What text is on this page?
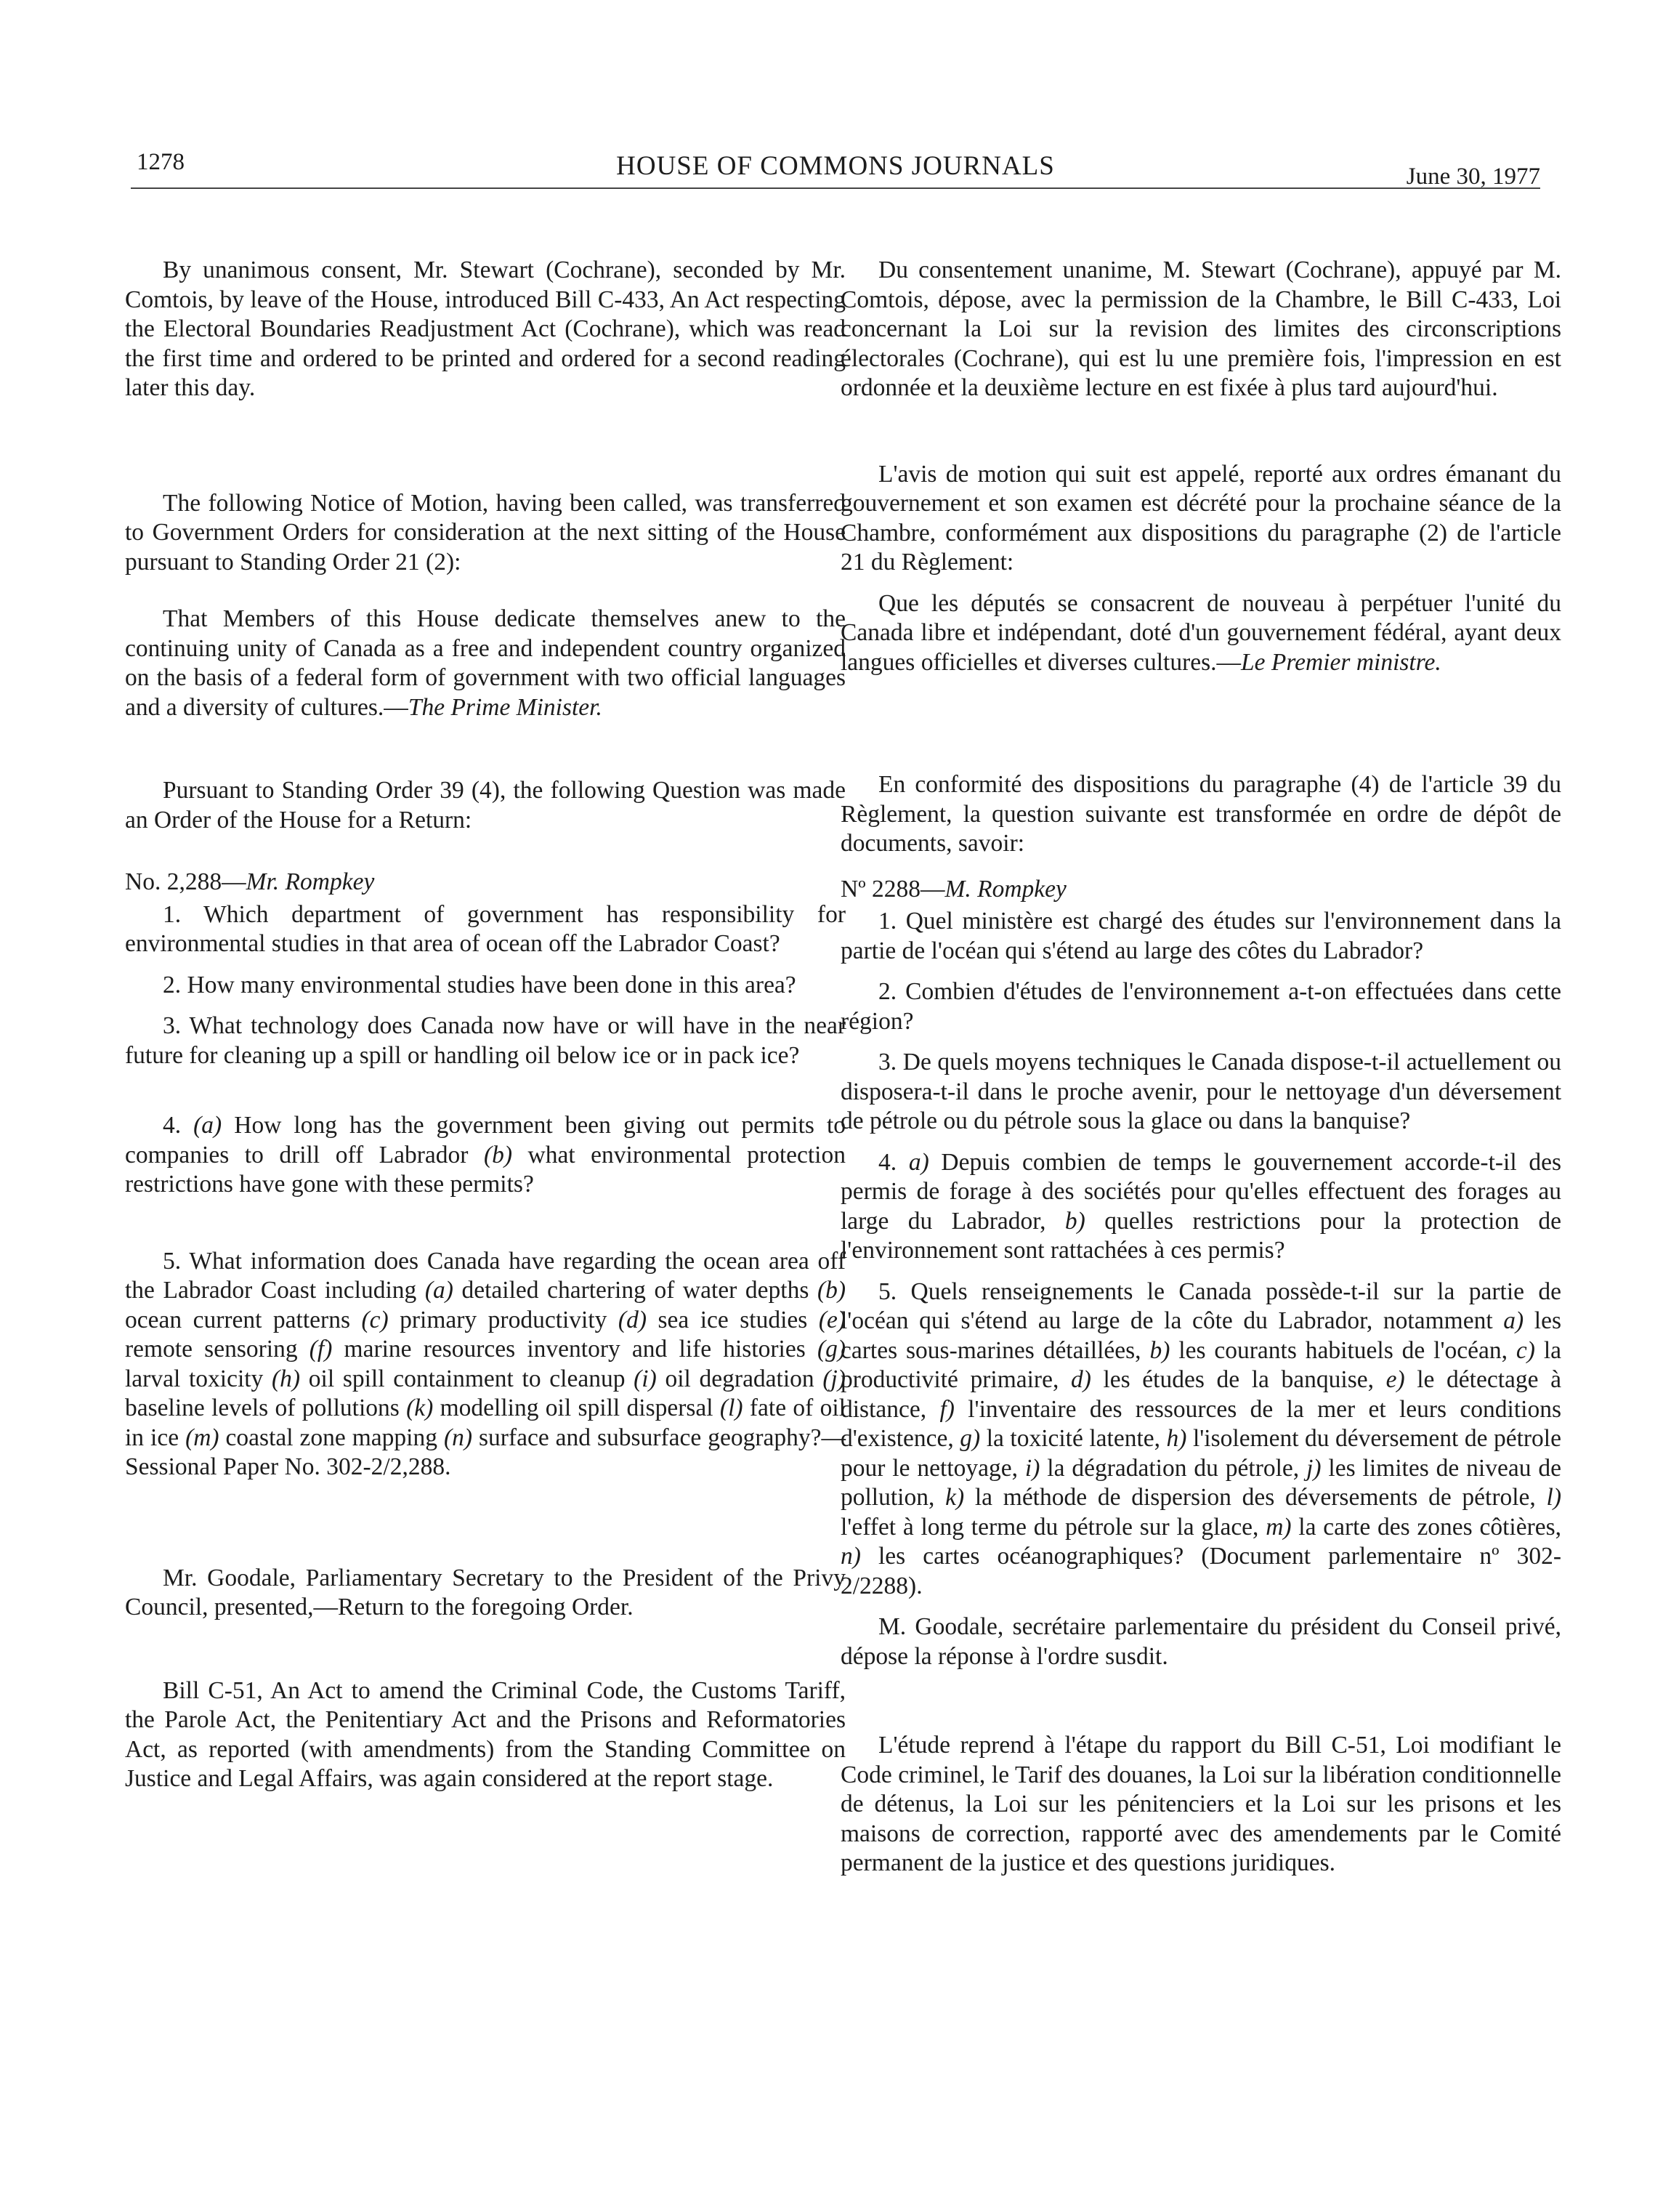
1278	HOUSE OF COMMONS JOURNALS	June 30, 1977

By unanimous consent, Mr. Stewart (Cochrane), seconded by Mr. Comtois, by leave of the House, introduced Bill C-433, An Act respecting the Electoral Boundaries Readjustment Act (Cochrane), which was read the first time and ordered to be printed and ordered for a second reading later this day.

The following Notice of Motion, having been called, was transferred to Government Orders for consideration at the next sitting of the House pursuant to Standing Order 21 (2):

That Members of this House dedicate themselves anew to the continuing unity of Canada as a free and independent country organized on the basis of a federal form of government with two official languages and a diversity of cultures.—The Prime Minister.

Pursuant to Standing Order 39 (4), the following Question was made an Order of the House for a Return:

No. 2,288—Mr. Rompkey

1. Which department of government has responsibility for environmental studies in that area of ocean off the Labrador Coast?

2. How many environmental studies have been done in this area?

3. What technology does Canada now have or will have in the near future for cleaning up a spill or handling oil below ice or in pack ice?

4. (a) How long has the government been giving out permits to companies to drill off Labrador (b) what environmental protection restrictions have gone with these permits?

5. What information does Canada have regarding the ocean area off the Labrador Coast including (a) detailed chartering of water depths (b) ocean current patterns (c) primary productivity (d) sea ice studies (e) remote sensoring (f) marine resources inventory and life histories (g) larval toxicity (h) oil spill containment to cleanup (i) oil degradation (j) baseline levels of pollutions (k) modelling oil spill dispersal (l) fate of oil in ice (m) coastal zone mapping (n) surface and subsurface geography?—Sessional Paper No. 302-2/2,288.

Mr. Goodale, Parliamentary Secretary to the President of the Privy Council, presented,—Return to the foregoing Order.

Bill C-51, An Act to amend the Criminal Code, the Customs Tariff, the Parole Act, the Penitentiary Act and the Prisons and Reformatories Act, as reported (with amendments) from the Standing Committee on Justice and Legal Affairs, was again considered at the report stage.

Du consentement unanime, M. Stewart (Cochrane), appuyé par M. Comtois, dépose, avec la permission de la Chambre, le Bill C-433, Loi concernant la Loi sur la revision des limites des circonscriptions électorales (Cochrane), qui est lu une première fois, l'impression en est ordonnée et la deuxième lecture en est fixée à plus tard aujourd'hui.

L'avis de motion qui suit est appelé, reporté aux ordres émanant du gouvernement et son examen est décrété pour la prochaine séance de la Chambre, conformément aux dispositions du paragraphe (2) de l'article 21 du Règlement:

Que les députés se consacrent de nouveau à perpétuer l'unité du Canada libre et indépendant, doté d'un gouvernement fédéral, ayant deux langues officielles et diverses cultures.—Le Premier ministre.

En conformité des dispositions du paragraphe (4) de l'article 39 du Règlement, la question suivante est transformée en ordre de dépôt de documents, savoir:

Nº 2288—M. Rompkey

1. Quel ministère est chargé des études sur l'environnement dans la partie de l'océan qui s'étend au large des côtes du Labrador?

2. Combien d'études de l'environnement a-t-on effectuées dans cette région?

3. De quels moyens techniques le Canada dispose-t-il actuellement ou disposera-t-il dans le proche avenir, pour le nettoyage d'un déversement de pétrole ou du pétrole sous la glace ou dans la banquise?

4. a) Depuis combien de temps le gouvernement accorde-t-il des permis de forage à des sociétés pour qu'elles effectuent des forages au large du Labrador, b) quelles restrictions pour la protection de l'environnement sont rattachées à ces permis?

5. Quels renseignements le Canada possède-t-il sur la partie de l'océan qui s'étend au large de la côte du Labrador, notamment a) les cartes sous-marines détaillées, b) les courants habituels de l'océan, c) la productivité primaire, d) les études de la banquise, e) le détectage à distance, f) l'inventaire des ressources de la mer et leurs conditions d'existence, g) la toxicité latente, h) l'isolement du déversement de pétrole pour le nettoyage, i) la dégradation du pétrole, j) les limites de niveau de pollution, k) la méthode de dispersion des déversements de pétrole, l) l'effet à long terme du pétrole sur la glace, m) la carte des zones côtières, n) les cartes océanographiques? (Document parlementaire nº 302-2/2288).

M. Goodale, secrétaire parlementaire du président du Conseil privé, dépose la réponse à l'ordre susdit.

L'étude reprend à l'étape du rapport du Bill C-51, Loi modifiant le Code criminel, le Tarif des douanes, la Loi sur la libération conditionnelle de détenus, la Loi sur les pénitenciers et la Loi sur les prisons et les maisons de correction, rapporté avec des amendements par le Comité permanent de la justice et des questions juridiques.
